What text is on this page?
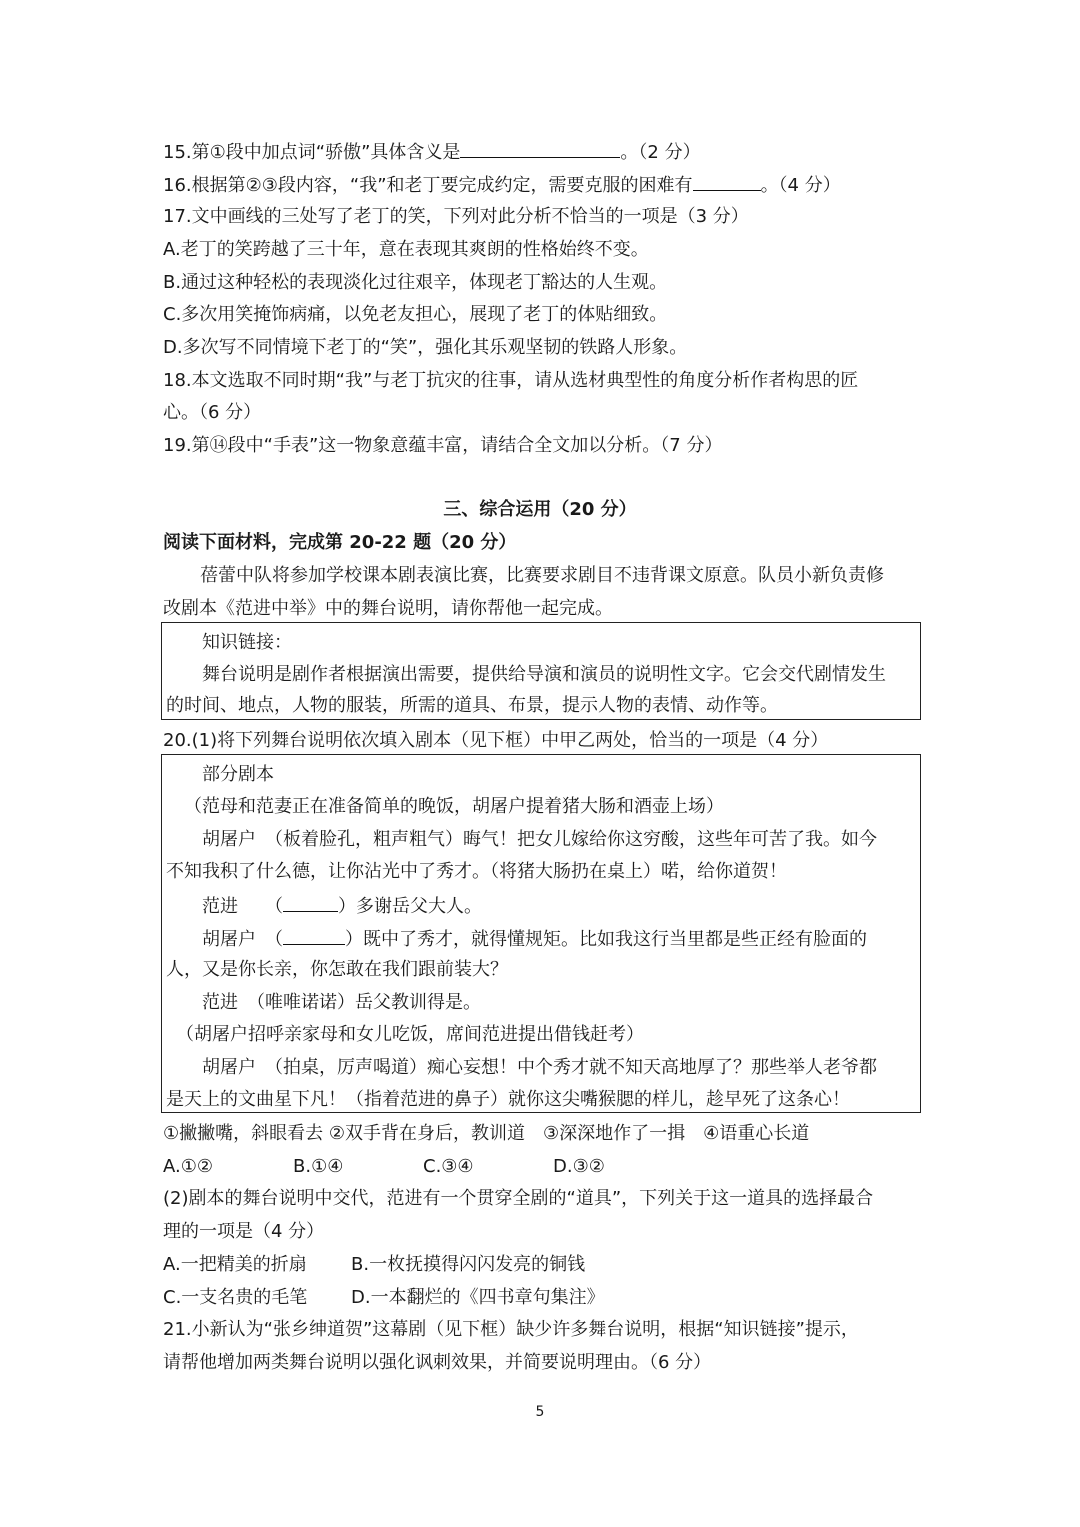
15.第①段中加点词“骄傲”具体含义是	。（2 分）
16.根据第②③段内容，“我”和老丁要完成约定，需要克服的困难有	。（4 分）
17.文中画线的三处写了老丁的笑，下列对此分析不恰当的一项是（3 分）
A.老丁的笑跨越了三十年，意在表现其爽朗的性格始终不变。
B.通过这种轻松的表现淡化过往艰辛，体现老丁豁达的人生观。
C.多次用笑掩饰病痛，以免老友担心，展现了老丁的体贴细致。
D.多次写不同情境下老丁的“笑”，强化其乐观坚韧的铁路人形象。
18.本文选取不同时期“我”与老丁抗灾的往事，请从选材典型性的角度分析作者构思的匠
心。（6 分）
19.第⑭段中“手表”这一物象意蕴丰富，请结合全文加以分析。（7 分）
三、综合运用（20 分）
阅读下面材料，完成第 20-22 题（20 分）
蓓蕾中队将参加学校课本剧表演比赛，比赛要求剧目不违背课文原意。队员小新负责修
改剧本《范进中举》中的舞台说明，请你帮他一起完成。
知识链接：
舞台说明是剧作者根据演出需要，提供给导演和演员的说明性文字。它会交代剧情发生
的时间、地点，人物的服装，所需的道具、布景，提示人物的表情、动作等。
20.(1)将下列舞台说明依次填入剧本（见下框）中甲乙两处，恰当的一项是（4 分）
部分剧本
（范母和范妻正在准备简单的晚饭，胡屠户提着猪大肠和酒壶上场）
胡屠户　 （板着脸孔，粗声粗气）晦气！把女儿嫁给你这穷酸，这些年可苦了我。如今
不知我积了什么德，让你沾光中了秀才。（将猪大肠扔在桌上）喏，给你道贺！
范进　　（	）多谢岳父大人。
胡屠户　（	）既中了秀才，就得懂规矩。比如我这行当里都是些正经有脸面的
人，又是你长亲，你怎敢在我们跟前装大？
范进　（唯唯诺诺）岳父教训得是。
（胡屠户招呼亲家母和女儿吃饭，席间范进提出借钱赶考）
胡屠户　（拍桌，厉声喝道）痴心妄想！中个秀才就不知天高地厚了？那些举人老爷都
是天上的文曲星下凡！（指着范进的鼻子）就你这尖嘴猴腮的样儿，趁早死了这条心！
①撇撇嘴，斜眼看去 ②双手背在身后，教训道　③深深地作了一揖　④语重心长道
A.①②	B.①④	C.③④	D.③②
(2)剧本的舞台说明中交代，范进有一个贯穿全剧的“道具”，下列关于这一道具的选择最合
理的一项是（4 分）
A.一把精美的折扇 B.一枚抚摸得闪闪发亮的铜钱
C.一支名贵的毛笔 D.一本翻烂的《四书章句集注》
21.小新认为“张乡绅道贺”这幕剧（见下框）缺少许多舞台说明，根据“知识链接”提示，
请帮他增加两类舞台说明以强化讽刺效果，并简要说明理由。（6 分）
5
